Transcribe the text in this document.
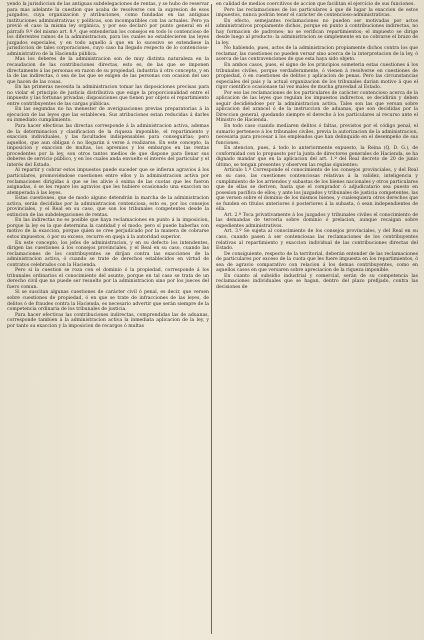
yendo la jurisdiccion de las antiguas subdelegaciones de rentas, y se hubo de reservar para mas adelante la cuestion que acaba de resolverse con la supresion de esos juzgados, cuya organizacion y atribuciones, como fundadas en las antiguas instituciones administrativas y politicas, son incompatibles con las actuales. Pero ya previó el caso la misma ley orgánica, y por eso declaró por punto general en el párrafo 9.º del mismo art. 8.º, que entenderian los consejos en todo lo contencioso de los diferentes ramos de la administracion, para los cuales no establecieren las leyes juzgados especiales, y en todo aquello á que en lo sucesivo se extendiese la jurisdiccion de tales corporaciones, cuyo caso ha llegado respecto de lo contencioso-administrativo de la Hacienda pública.

Mas los deberes de la administracion son de muy distinta naturaleza en la recaudacion de las contribuciones directas, esto es, de las que se imponen directamente á las personas en razon de su propiedad, industria ú otro concepto, y en la de las indirectas, ó sea de las que se exigen de las personas con ocasion del uso que hacen de las cosas.

En las primeras necesita la administracion tomar las disposiciones precisas para no violar el principio de justicia distributiva que exige la proporcionalidad entre el impuesto y las fortunas privadas; disposiciones que tienen por objeto el repartimiento entre contribuyentes de las cargas públicas.

En las segundas no ha menester de averiguaciones previas preparatorias á la ejecucion de las leyes que las establecen. Sus atribuciones estan reducidas á darles su inmediato cumplimiento.

Para hacer efectivas las directas corresponde á la administracion activa, ademas de la determinacion y clasificacion de la riqueza imponible, el repartimiento y exaccion individuales, y las facultades indispensables para conseguirlas; pero aquellos, que aun obligan ó no llegarán á verse á realizarse. En este concepto, la imposicion y exaccion de multas, los apremios y los embargos en las rentas procedentes por la ley, son otros tantos medios de que dispone para llenar sus deberes de servicio público, y en los cuales anda envuelto el interés del particular y el interés del Estado.

Al repartir y cobrar estos impuestos puede suceder que se infieran agravios á los particulares, promoviéndose cuestiones entre ellos y la administracion activa por reclamaciones dirigidas á que se les alivie ó exima de las cuotas que les fueron asignadas, ó se les repare los agravios que les hubiere ocasionado una exaccion no atemperada á las leyes.

Estas cuestiones, que de modo alguno detendrán la marcha de la administracion activa, serán decididas por la administracion contenciosa, esto es, por los consejos provinciales, y el Real en su caso, que son los tribunales competentes desde la extincion de las subdelegaciones de rentas.

En las indirectas no es posible que haya reclamaciones en punto á la imposicion, porque la ley es la que determina la cantidad y el modo; pero sí puede haberlas con motivo de la exaccion, porque quien se cree perjudicado por la manera de cobrarse estos impuestos, ó por su exceso, recurre en queja á la autoridad superior.

En este concepto, los jefes de administracion, y en su defecto los intendentes, dirigen las cuestiones á los consejos provinciales, y el Real en su caso, cuando las reclamaciones de los contribuyentes se dirijan contra las exacciones de la administracion activa, ó cuando se trate de derechos establecidos en virtud de contratos celebrados con la Hacienda.

Pero si la cuestion se roza con el dominio ó la propiedad, corresponde á los tribunales ordinarios el conocimiento del asunto, porque en tal caso se trata de un derecho civil que no puede ser resuelto por la administracion sino por los jueces del fuero comun.

Si se suscitan algunas cuestiones de carácter civil ó penal, es decir, que versen sobre cuestiones de propiedad, ó en que se trate de infracciones de las leyes, de delitos ó de fraudes contra la Hacienda, es necesario advertir que serán siempre de la competencia ordinaria de los tribunales de justicia.

Para hacer efectivas las contribuciones indirectas, comprendidas las de aduanas, corresponde tambien á la administracion activa la inmediata aplicacion de la ley, y por tanto su exaccion y la imposicion de recargos ó multas

en calidad de medios coercitivos de accion que facilitan el ejercicio de sus funciones.

Pero las reclamaciones de los particulares á que dé lugar la exaccion de estos impuestos, nunca podrán tener el carácter de contencioso-administrativas.

En efecto, semejantes reclamaciones no pueden ser motivadas por actos administrativos propiamente dichos, porque en punto á contribuciones indirectas, no hay formacion de padrones; no se verifican repartimientos; el impuesto se dirige desde luego al producto: la administracion se simplemente en no cobrarse el brazo de la ley.

No habiendo, pues, actos de la administracion propiamente dichos contra los que reclamar, las cuestiones no pueden versar sino acerca de la interpretacion de la ley, ó acerca de las contravenciones de que esta haya sido objeto.

En ambos casos, pues, el signo de los principios someteria estas cuestiones á los tribunales civiles, porque verdaderamente, ó vienen á resolverse en cuestiones de propiedad, ó en cuestiones de delitos y aplicacion de penas. Pero las circunstancias especiales del pais y la actual organizacion de los tribunales darian motivo á que el rigor científico ocasionase tal vez males de mucha gravedad al Estado.

Por eso las reclamaciones de los particulares de carácter contencioso acerca de la aplicacion de las leyes que regulan los impuestos indirectos, se decidirán y deben seguir decidiéndose por la administracion activa. Tales son las que versan sobre aplicacion del arancel ó de la instruccion de aduanas, que son decididas por la Direccion general, quedando siempre el derecho á los particulares al recurso ante el Ministro de Hacienda.

En todo caso cuando mediaren delitos ó faltas, previstos por el código penal, el sumario pertenece á los tribunales civiles, previa la autorizacion de la administracion, necesaria para procesar á los empleados que han delinquido en el desempeño de sus funciones.

En atencion, pues, á todo lo anteriormente expuesto, la Reina (Q. D. G.), de conformidad con lo propuesto por la junta de directores generales de Hacienda, se ha dignado mandar que en la aplicacion del art. 1.º del Real decreto de 20 de junio último, se tengan presentes y observen las reglas siguientes:

Artículo 1.º Corresponde el conocimiento de los consejos provinciales, y del Real en su caso, las cuestiones contenciosas relativas á la validez, inteligencia y cumplimiento de los arriendos y subastas de los bienes nacionales y otros particulares que de ellas se deriven, hasta que el comprador ó adjudicatario sea puesto en posesion pacífica de ellos; y ante los juzgados y tribunales de justicia competentes, las que versen sobre el dominio de los mismos bienes, y cualesquiera otros derechos que se funden en títulos anteriores ó posteriores á la subasta, ó sean independientes de ella.

Art. 2.º Toca privativamente á los juzgados y tribunales civiles el conocimiento de las demandas de tercería sobre dominio ó prelacion, aunque recaigan sobre expedientes administrativos.

Art. 3.º Se sujeta al conocimiento de los consejos provinciales, y del Real en su caso, cuando pasen á ser contenciosas las reclamaciones de los contribuyentes relativas al repartimiento y exaccion individual de las contribuciones directas del Estado.

De consiguiente, respecto de la territorial, deberán entender de las reclamaciones de particulares por exceso de la cuota que les fuere impuesta en los repartimientos, ó sea de agravio comparativo con relacion á los demas contribuyentes, como en aquellos casos en que versaren sobre apreciacion de la riqueza imponible.

En cuanto al subsidio industrial y comercial, serán de su competencia las reclamaciones individuales que se hagan, dentro del plazo prefijado, contra las decisiones de
